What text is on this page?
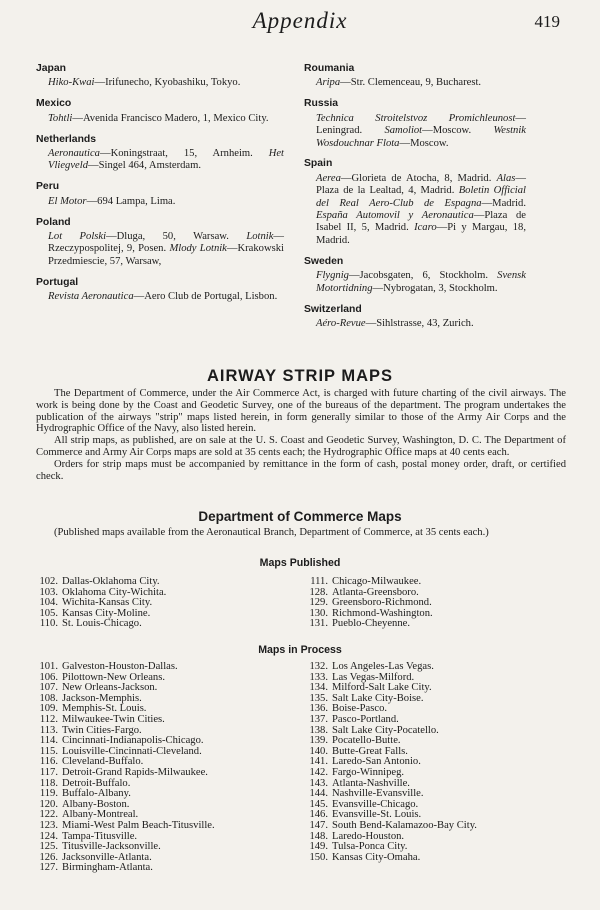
Appendix	419
Japan
Hiko-Kwai—Irifunecho, Kyobashiku, Tokyo.
Mexico
Tohtli—Avenida Francisco Madero, 1, Mexico City.
Netherlands
Aeronautica—Koningstraat, 15, Arnheim. Het Vliegveld—Singel 464, Amsterdam.
Peru
El Motor—694 Lampa, Lima.
Poland
Lot Polski—Dluga, 50, Warsaw. Lotnik—Rzeczypospolitej, 9, Posen. Mlody Lotnik—Krakowski Przedmiescie, 57, Warsaw,
Portugal
Revista Aeronautica—Aero Club de Portugal, Lisbon.
Roumania
Aripa—Str. Clemenceau, 9, Bucharest.
Russia
Technica Stroitelstvoz Promichleunost—Leningrad. Samoliot—Moscow. Westnik Wosdouchnar Flota—Moscow.
Spain
Aerea—Glorieta de Atocha, 8, Madrid. Alas—Plaza de la Lealtad, 4, Madrid. Boletin Official del Real Aero-Club de Espagna—Madrid. España Automovil y Aeronautica—Plaza de Isabel II, 5, Madrid. Icaro—Pi y Margau, 18, Madrid.
Sweden
Flygnig—Jacobsgaten, 6, Stockholm. Svensk Motortidning—Nybrogatan, 3, Stockholm.
Switzerland
Aéro-Revue—Sihlstrasse, 43, Zurich.
AIRWAY STRIP MAPS

The Department of Commerce, under the Air Commerce Act, is charged with future charting of the civil airways. The work is being done by the Coast and Geodetic Survey, one of the bureaus of the department. The program undertakes the publication of the airways "strip" maps listed herein, in form generally similar to those of the Army Air Corps and the Hydrographic Office of the Navy, also listed herein.

All strip maps, as published, are on sale at the U. S. Coast and Geodetic Survey, Washington, D. C. The Department of Commerce and Army Air Corps maps are sold at 35 cents each; the Hydrographic Office maps at 40 cents each.

Orders for strip maps must be accompanied by remittance in the form of cash, postal money order, draft, or certified check.

Department of Commerce Maps
(Published maps available from the Aeronautical Branch, Department of Commerce, at 35 cents each.)
Maps Published
102. Dallas-Oklahoma City.
103. Oklahoma City-Wichita.
104. Wichita-Kansas City.
105. Kansas City-Moline.
110. St. Louis-Chicago.
111. Chicago-Milwaukee.
128. Atlanta-Greensboro.
129. Greensboro-Richmond.
130. Richmond-Washington.
131. Pueblo-Cheyenne.
Maps in Process
101. Galveston-Houston-Dallas.
106. Pilottown-New Orleans.
107. New Orleans-Jackson.
108. Jackson-Memphis.
109. Memphis-St. Louis.
112. Milwaukee-Twin Cities.
113. Twin Cities-Fargo.
114. Cincinnati-Indianapolis-Chicago.
115. Louisville-Cincinnati-Cleveland.
116. Cleveland-Buffalo.
117. Detroit-Grand Rapids-Milwaukee.
118. Detroit-Buffalo.
119. Buffalo-Albany.
120. Albany-Boston.
122. Albany-Montreal.
123. Miami-West Palm Beach-Titusville.
124. Tampa-Titusville.
125. Titusville-Jacksonville.
126. Jacksonville-Atlanta.
127. Birmingham-Atlanta.
132. Los Angeles-Las Vegas.
133. Las Vegas-Milford.
134. Milford-Salt Lake City.
135. Salt Lake City-Boise.
136. Boise-Pasco.
137. Pasco-Portland.
138. Salt Lake City-Pocatello.
139. Pocatello-Butte.
140. Butte-Great Falls.
141. Laredo-San Antonio.
142. Fargo-Winnipeg.
143. Atlanta-Nashville.
144. Nashville-Evansville.
145. Evansville-Chicago.
146. Evansville-St. Louis.
147. South Bend-Kalamazoo-Bay City.
148. Laredo-Houston.
149. Tulsa-Ponca City.
150. Kansas City-Omaha.
